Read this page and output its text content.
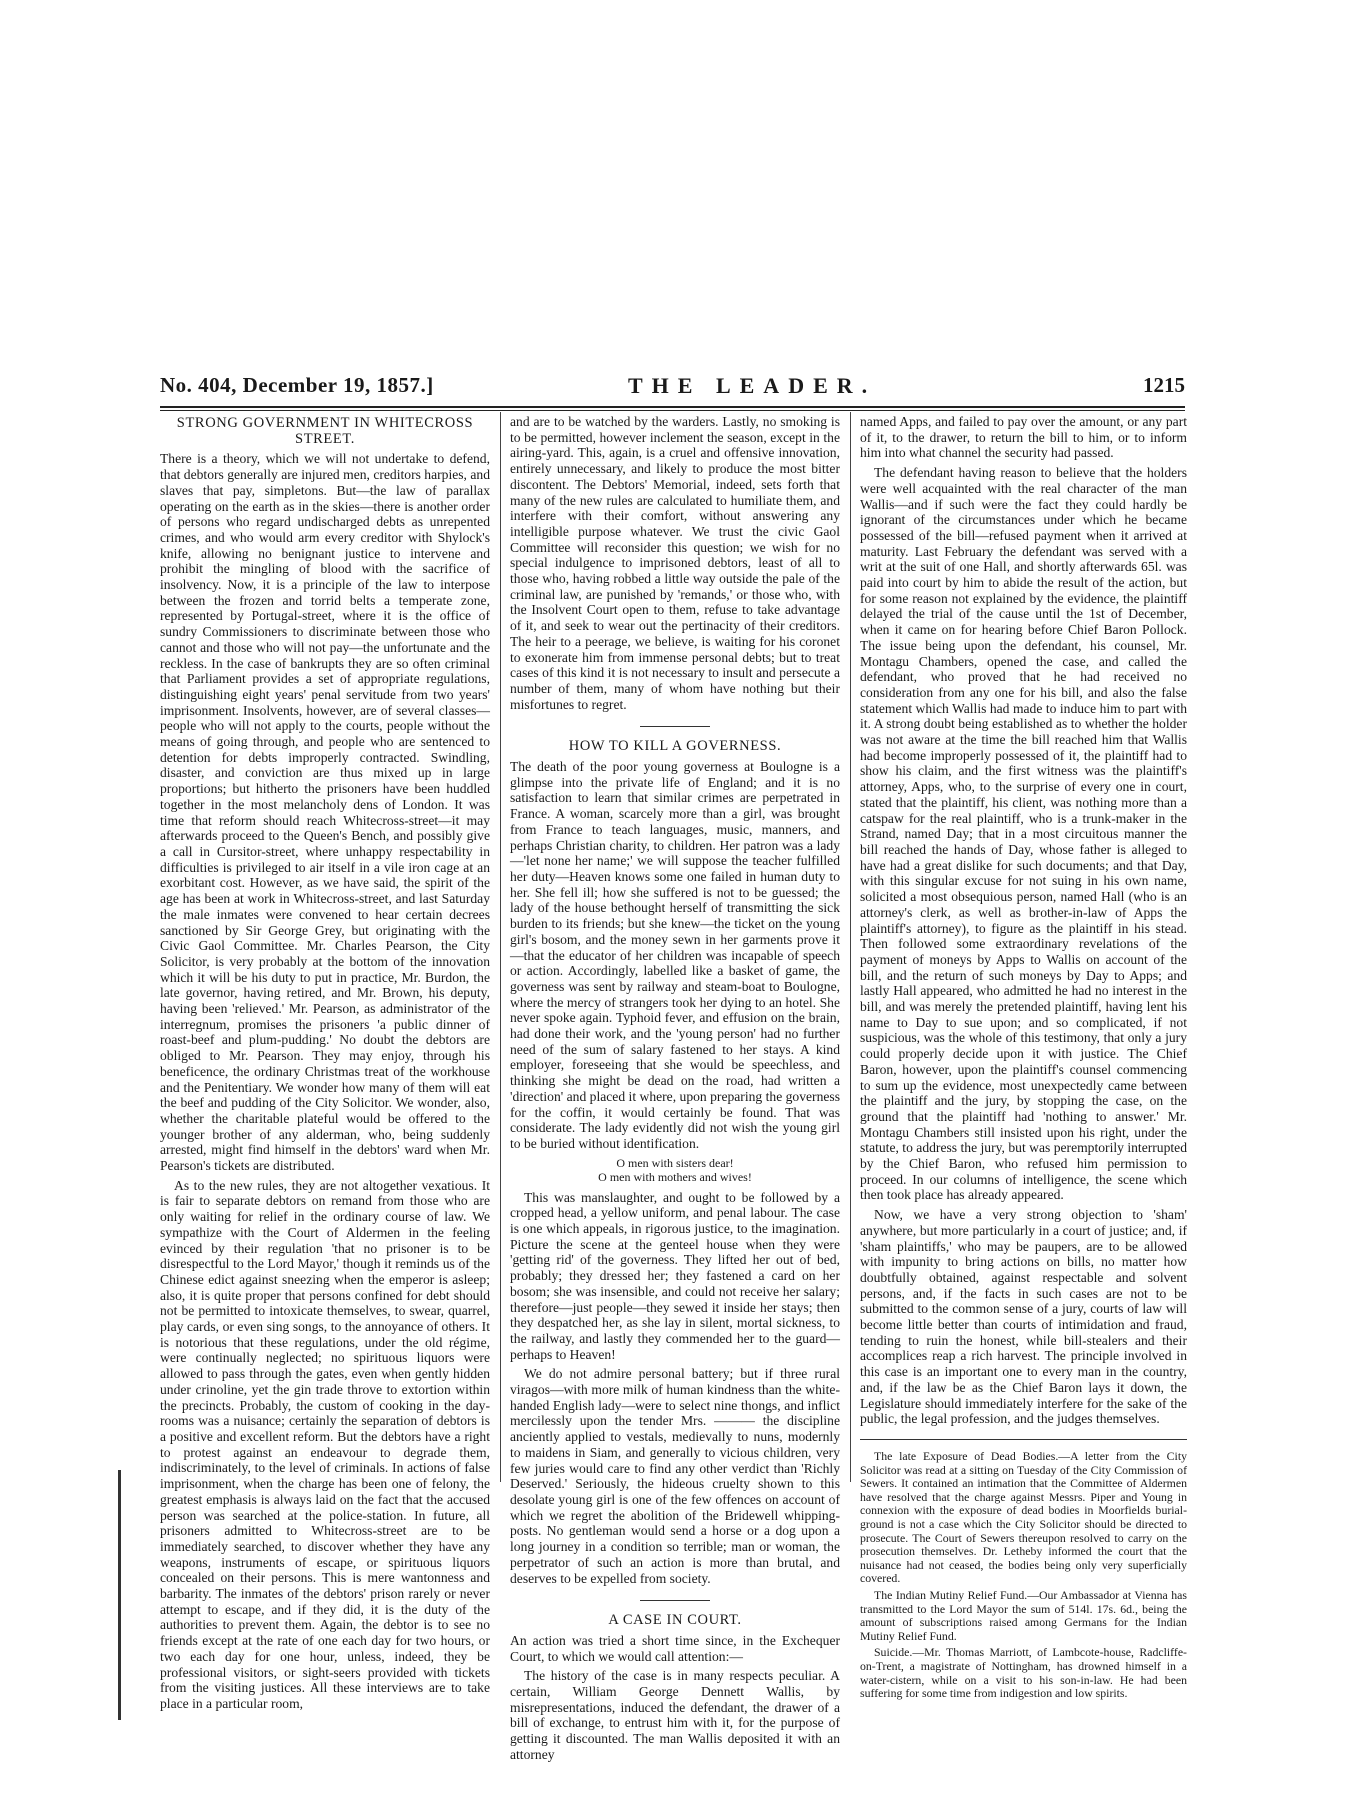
No. 404, December 19, 1857.]	THE LEADER.	1215
STRONG GOVERNMENT IN WHITECROSS STREET.

There is a theory, which we will not undertake to defend, that debtors generally are injured men, creditors harpies, and slaves that pay, simpletons. But—the law of parallax operating on the earth as in the skies—there is another order of persons who regard undischarged debts as unrepented crimes, and who would arm every creditor with Shylock's knife, allowing no benignant justice to intervene and prohibit the mingling of blood with the sacrifice of insolvency. Now, it is a principle of the law to interpose between the frozen and torrid belts a temperate zone, represented by Portugal-street, where it is the office of sundry Commissioners to discriminate between those who cannot and those who will not pay—the unfortunate and the reckless. In the case of bankrupts they are so often criminal that Parliament provides a set of appropriate regulations, distinguishing eight years' penal servitude from two years' imprisonment. Insolvents, however, are of several classes—people who will not apply to the courts, people without the means of going through, and people who are sentenced to detention for debts improperly contracted. Swindling, disaster, and conviction are thus mixed up in large proportions; but hitherto the prisoners have been huddled together in the most melancholy dens of London. It was time that reform should reach Whitecross-street—it may afterwards proceed to the Queen's Bench, and possibly give a call in Cursitor-street, where unhappy respectability in difficulties is privileged to air itself in a vile iron cage at an exorbitant cost. However, as we have said, the spirit of the age has been at work in Whitecross-street, and last Saturday the male inmates were convened to hear certain decrees sanctioned by Sir George Grey, but originating with the Civic Gaol Committee. Mr. Charles Pearson, the City Solicitor, is very probably at the bottom of the innovation which it will be his duty to put in practice, Mr. Burdon, the late governor, having retired, and Mr. Brown, his deputy, having been 'relieved.' Mr. Pearson, as administrator of the interregnum, promises the prisoners 'a public dinner of roast-beef and plum-pudding.' No doubt the debtors are obliged to Mr. Pearson. They may enjoy, through his beneficence, the ordinary Christmas treat of the workhouse and the Penitentiary. We wonder how many of them will eat the beef and pudding of the City Solicitor. We wonder, also, whether the charitable plateful would be offered to the younger brother of any alderman, who, being suddenly arrested, might find himself in the debtors' ward when Mr. Pearson's tickets are distributed.

As to the new rules, they are not altogether vexatious. It is fair to separate debtors on remand from those who are only waiting for relief in the ordinary course of law. We sympathize with the Court of Aldermen in the feeling evinced by their regulation 'that no prisoner is to be disrespectful to the Lord Mayor,' though it reminds us of the Chinese edict against sneezing when the emperor is asleep; also, it is quite proper that persons confined for debt should not be permitted to intoxicate themselves, to swear, quarrel, play cards, or even sing songs, to the annoyance of others. It is notorious that these regulations, under the old régime, were continually neglected; no spirituous liquors were allowed to pass through the gates, even when gently hidden under crinoline, yet the gin trade throve to extortion within the precincts. Probably, the custom of cooking in the day-rooms was a nuisance; certainly the separation of debtors is a positive and excellent reform. But the debtors have a right to protest against an endeavour to degrade them, indiscriminately, to the level of criminals. In actions of false imprisonment, when the charge has been one of felony, the greatest emphasis is always laid on the fact that the accused person was searched at the police-station. In future, all prisoners admitted to Whitecross-street are to be immediately searched, to discover whether they have any weapons, instruments of escape, or spirituous liquors concealed on their persons. This is mere wantonness and barbarity. The inmates of the debtors' prison rarely or never attempt to escape, and if they did, it is the duty of the authorities to prevent them. Again, the debtor is to see no friends except at the rate of one each day for two hours, or two each day for one hour, unless, indeed, they be professional visitors, or sight-seers provided with tickets from the visiting justices. All these interviews are to take place in a particular room,

and are to be watched by the warders. Lastly, no smoking is to be permitted, however inclement the season, except in the airing-yard. This, again, is a cruel and offensive innovation, entirely unnecessary, and likely to produce the most bitter discontent. The Debtors' Memorial, indeed, sets forth that many of the new rules are calculated to humiliate them, and interfere with their comfort, without answering any intelligible purpose whatever. We trust the civic Gaol Committee will reconsider this question; we wish for no special indulgence to imprisoned debtors, least of all to those who, having robbed a little way outside the pale of the criminal law, are punished by 'remands,' or those who, with the Insolvent Court open to them, refuse to take advantage of it, and seek to wear out the pertinacity of their creditors. The heir to a peerage, we believe, is waiting for his coronet to exonerate him from immense personal debts; but to treat cases of this kind it is not necessary to insult and persecute a number of them, many of whom have nothing but their misfortunes to regret.

HOW TO KILL A GOVERNESS.

The death of the poor young governess at Boulogne is a glimpse into the private life of England; and it is no satisfaction to learn that similar crimes are perpetrated in France. A woman, scarcely more than a girl, was brought from France to teach languages, music, manners, and perhaps Christian charity, to children. Her patron was a lady—'let none her name;' we will suppose the teacher fulfilled her duty—Heaven knows some one failed in human duty to her. She fell ill; how she suffered is not to be guessed; the lady of the house bethought herself of transmitting the sick burden to its friends; but she knew—the ticket on the young girl's bosom, and the money sewn in her garments prove it—that the educator of her children was incapable of speech or action. Accordingly, labelled like a basket of game, the governess was sent by railway and steam-boat to Boulogne, where the mercy of strangers took her dying to an hotel. She never spoke again. Typhoid fever, and effusion on the brain, had done their work, and the 'young person' had no further need of the sum of salary fastened to her stays. A kind employer, foreseeing that she would be speechless, and thinking she might be dead on the road, had written a 'direction' and placed it where, upon preparing the governess for the coffin, it would certainly be found. That was considerate. The lady evidently did not wish the young girl to be buried without identification.

O men with sisters dear!
O men with mothers and wives!

This was manslaughter, and ought to be followed by a cropped head, a yellow uniform, and penal labour. The case is one which appeals, in rigorous justice, to the imagination. Picture the scene at the genteel house when they were 'getting rid' of the governess. They lifted her out of bed, probably; they dressed her; they fastened a card on her bosom; she was insensible, and could not receive her salary; therefore—just people—they sewed it inside her stays; then they despatched her, as she lay in silent, mortal sickness, to the railway, and lastly they commended her to the guard—perhaps to Heaven!

We do not admire personal battery; but if three rural viragos—with more milk of human kindness than the white-handed English lady—were to select nine thongs, and inflict mercilessly upon the tender Mrs. ——— the discipline anciently applied to vestals, medievally to nuns, modernly to maidens in Siam, and generally to vicious children, very few juries would care to find any other verdict than 'Richly Deserved.' Seriously, the hideous cruelty shown to this desolate young girl is one of the few offences on account of which we regret the abolition of the Bridewell whipping-posts. No gentleman would send a horse or a dog upon a long journey in a condition so terrible; man or woman, the perpetrator of such an action is more than brutal, and deserves to be expelled from society.

A CASE IN COURT.

An action was tried a short time since, in the Exchequer Court, to which we would call attention:—

The history of the case is in many respects peculiar. A certain, William George Dennett Wallis, by misrepresentations, induced the defendant, the drawer of a bill of exchange, to entrust him with it, for the purpose of getting it discounted. The man Wallis deposited it with an attorney

named Apps, and failed to pay over the amount, or any part of it, to the drawer, to return the bill to him, or to inform him into what channel the security had passed.

The defendant having reason to believe that the holders were well acquainted with the real character of the man Wallis—and if such were the fact they could hardly be ignorant of the circumstances under which he became possessed of the bill—refused payment when it arrived at maturity. Last February the defendant was served with a writ at the suit of one Hall, and shortly afterwards 65l. was paid into court by him to abide the result of the action, but for some reason not explained by the evidence, the plaintiff delayed the trial of the cause until the 1st of December, when it came on for hearing before Chief Baron Pollock. The issue being upon the defendant, his counsel, Mr. Montagu Chambers, opened the case, and called the defendant, who proved that he had received no consideration from any one for his bill, and also the false statement which Wallis had made to induce him to part with it. A strong doubt being established as to whether the holder was not aware at the time the bill reached him that Wallis had become improperly possessed of it, the plaintiff had to show his claim, and the first witness was the plaintiff's attorney, Apps, who, to the surprise of every one in court, stated that the plaintiff, his client, was nothing more than a catspaw for the real plaintiff, who is a trunk-maker in the Strand, named Day; that in a most circuitous manner the bill reached the hands of Day, whose father is alleged to have had a great dislike for such documents; and that Day, with this singular excuse for not suing in his own name, solicited a most obsequious person, named Hall (who is an attorney's clerk, as well as brother-in-law of Apps the plaintiff's attorney), to figure as the plaintiff in his stead. Then followed some extraordinary revelations of the payment of moneys by Apps to Wallis on account of the bill, and the return of such moneys by Day to Apps; and lastly Hall appeared, who admitted he had no interest in the bill, and was merely the pretended plaintiff, having lent his name to Day to sue upon; and so complicated, if not suspicious, was the whole of this testimony, that only a jury could properly decide upon it with justice. The Chief Baron, however, upon the plaintiff's counsel commencing to sum up the evidence, most unexpectedly came between the plaintiff and the jury, by stopping the case, on the ground that the plaintiff had 'nothing to answer.' Mr. Montagu Chambers still insisted upon his right, under the statute, to address the jury, but was peremptorily interrupted by the Chief Baron, who refused him permission to proceed. In our columns of intelligence, the scene which then took place has already appeared.

Now, we have a very strong objection to 'sham' anywhere, but more particularly in a court of justice; and, if 'sham plaintiffs,' who may be paupers, are to be allowed with impunity to bring actions on bills, no matter how doubtfully obtained, against respectable and solvent persons, and, if the facts in such cases are not to be submitted to the common sense of a jury, courts of law will become little better than courts of intimidation and fraud, tending to ruin the honest, while bill-stealers and their accomplices reap a rich harvest. The principle involved in this case is an important one to every man in the country, and, if the law be as the Chief Baron lays it down, the Legislature should immediately interfere for the sake of the public, the legal profession, and the judges themselves.

The late Exposure of Dead Bodies.—A letter from the City Solicitor was read at a sitting on Tuesday of the City Commission of Sewers. It contained an intimation that the Committee of Aldermen have resolved that the charge against Messrs. Piper and Young in connexion with the exposure of dead bodies in Moorfields burial-ground is not a case which the City Solicitor should be directed to prosecute. The Court of Sewers thereupon resolved to carry on the prosecution themselves. Dr. Letheby informed the court that the nuisance had not ceased, the bodies being only very superficially covered.

The Indian Mutiny Relief Fund.—Our Ambassador at Vienna has transmitted to the Lord Mayor the sum of 514l. 17s. 6d., being the amount of subscriptions raised among Germans for the Indian Mutiny Relief Fund.

Suicide.—Mr. Thomas Marriott, of Lambcote-house, Radcliffe-on-Trent, a magistrate of Nottingham, has drowned himself in a water-cistern, while on a visit to his son-in-law. He had been suffering for some time from indigestion and low spirits.
